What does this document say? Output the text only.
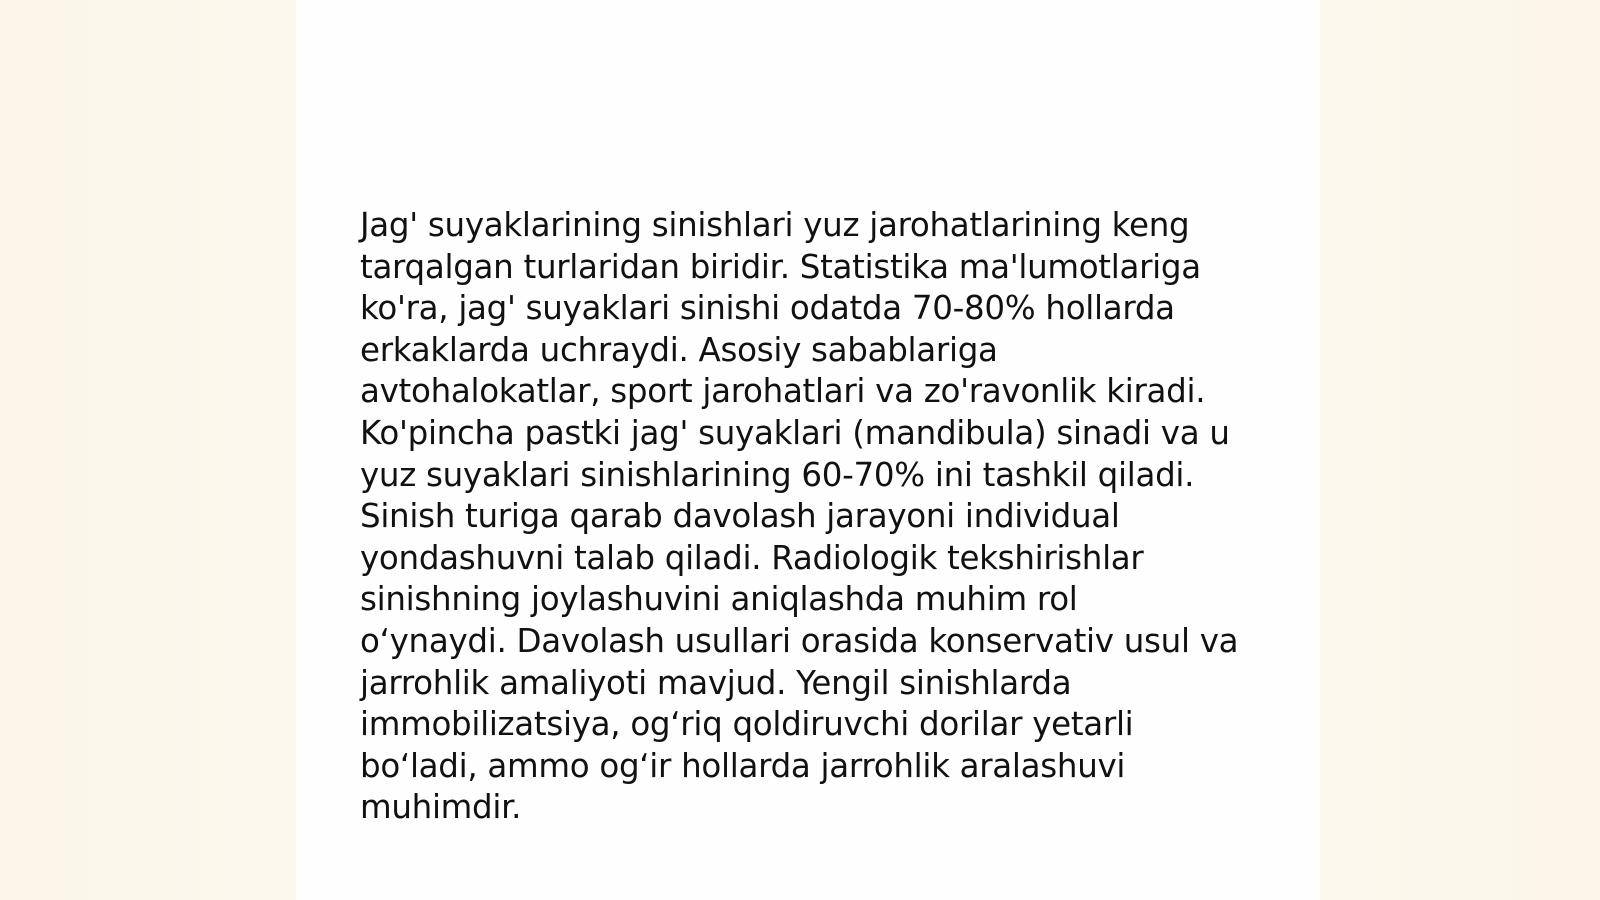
Jag' suyaklarining sinishlari yuz jarohatlarining keng
tarqalgan turlaridan biridir. Statistika ma'lumotlariga
ko'ra, jag' suyaklari sinishi odatda 70-80% hollarda
erkaklarda uchraydi. Asosiy sabablariga
avtohalokatlar, sport jarohatlari va zo'ravonlik kiradi.
Ko'pincha pastki jag' suyaklari (mandibula) sinadi va u
yuz suyaklari sinishlarining 60-70% ini tashkil qiladi.
Sinish turiga qarab davolash jarayoni individual
yondashuvni talab qiladi. Radiologik tekshirishlar
sinishning joylashuvini aniqlashda muhim rol
o‘ynaydi. Davolash usullari orasida konservativ usul va
jarrohlik amaliyoti mavjud. Yengil sinishlarda
immobilizatsiya, og‘riq qoldiruvchi dorilar yetarli
bo‘ladi, ammo og‘ir hollarda jarrohlik aralashuvi
muhimdir.
